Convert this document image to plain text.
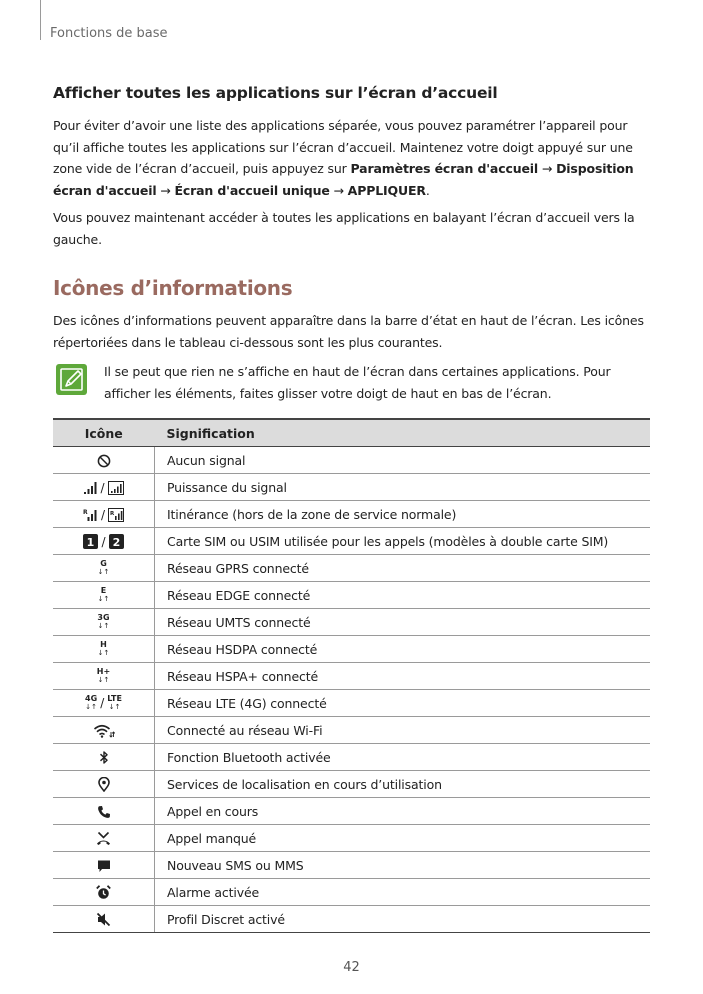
Fonctions de base
Afficher toutes les applications sur l’écran d’accueil

Pour éviter d’avoir une liste des applications séparée, vous pouvez paramétrer l’appareil pour qu’il affiche toutes les applications sur l’écran d’accueil. Maintenez votre doigt appuyé sur une zone vide de l’écran d’accueil, puis appuyez sur Paramètres écran d'accueil → Disposition écran d'accueil → Écran d'accueil unique → APPLIQUER.

Vous pouvez maintenant accéder à toutes les applications en balayant l’écran d’accueil vers la gauche.

Icônes d’informations

Des icônes d’informations peuvent apparaître dans la barre d’état en haut de l’écran. Les icônes répertoriées dans le tableau ci-dessous sont les plus courantes.

Il se peut que rien ne s’affiche en haut de l’écran dans certaines applications. Pour afficher les éléments, faites glisser votre doigt de haut en bas de l’écran.

Icône	Signification

	Aucun signal

/	Puissance du signal

R / R	Itinérance (hors de la zone de service normale)

1 / 2	Carte SIM ou USIM utilisée pour les appels (modèles à double carte SIM)

G
↓↑	Réseau GPRS connecté

E
↓↑	Réseau EDGE connecté

3G
↓↑	Réseau UMTS connecté

H
↓↑	Réseau HSDPA connecté

H+
↓↑	Réseau HSPA+ connecté

4G
↓↑ / LTE
↓↑	Réseau LTE (4G) connecté

	Connecté au réseau Wi-Fi

	Fonction Bluetooth activée

	Services de localisation en cours d’utilisation

	Appel en cours

	Appel manqué

	Nouveau SMS ou MMS

	Alarme activée

	Profil Discret activé
42
